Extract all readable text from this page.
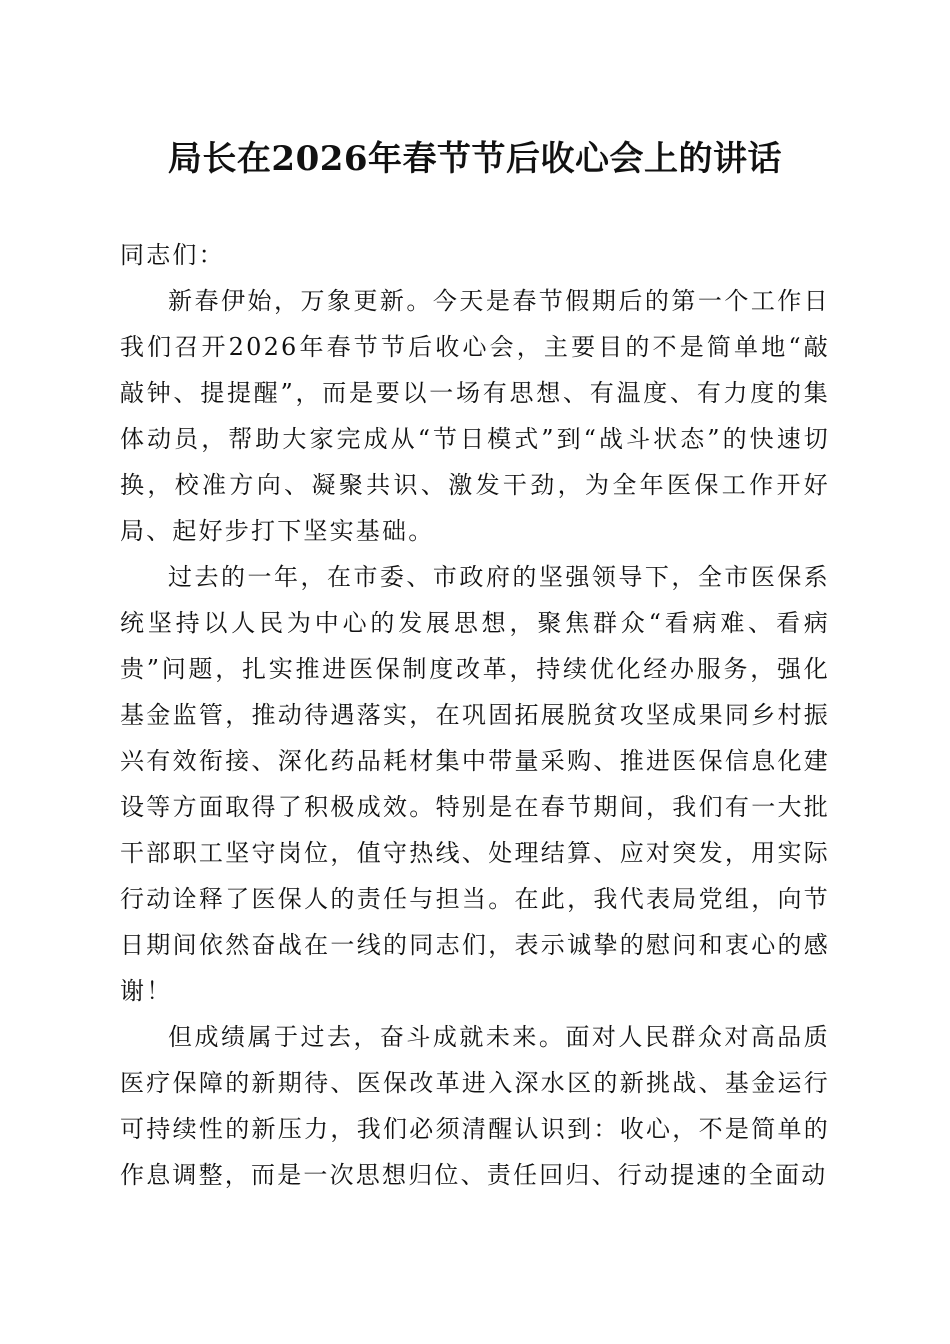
局长在2026年春节节后收心会上的讲话

同志们：

新春伊始，万象更新。今天是春节假期后的第一个工作日我们召开2026年春节节后收心会，主要目的不是简单地“敲敲钟、提提醒”，而是要以一场有思想、有温度、有力度的集体动员，帮助大家完成从“节日模式”到“战斗状态”的快速切换，校准方向、凝聚共识、激发干劲，为全年医保工作开好局、起好步打下坚实基础。

过去的一年，在市委、市政府的坚强领导下，全市医保系统坚持以人民为中心的发展思想，聚焦群众“看病难、看病贵”问题，扎实推进医保制度改革，持续优化经办服务，强化基金监管，推动待遇落实，在巩固拓展脱贫攻坚成果同乡村振兴有效衔接、深化药品耗材集中带量采购、推进医保信息化建设等方面取得了积极成效。特别是在春节期间，我们有一大批干部职工坚守岗位，值守热线、处理结算、应对突发，用实际行动诠释了医保人的责任与担当。在此，我代表局党组，向节日期间依然奋战在一线的同志们，表示诚挚的慰问和衷心的感谢！

但成绩属于过去，奋斗成就未来。面对人民群众对高品质医疗保障的新期待、医保改革进入深水区的新挑战、基金运行可持续性的新压力，我们必须清醒认识到：收心，不是简单的作息调整，而是一次思想归位、责任回归、行动提速的全面动
